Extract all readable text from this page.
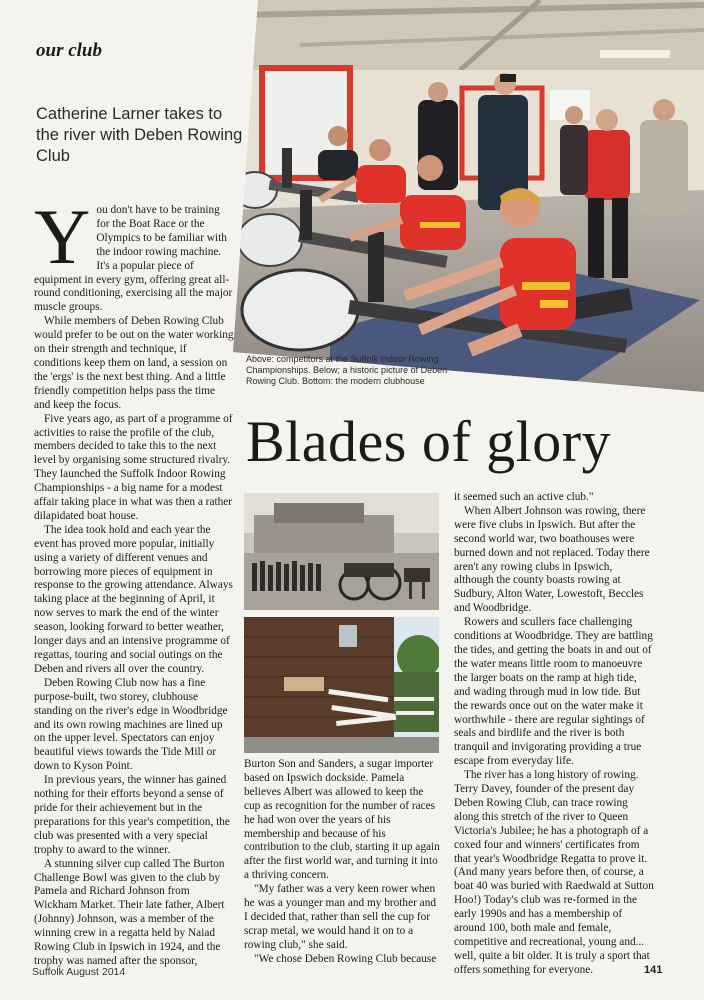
our club
Catherine Larner takes to the river with Deben Rowing Club

You don't have to be training for the Boat Race or the Olympics to be familiar with the indoor rowing machine. It's a popular piece of equipment in every gym, offering great all-round conditioning, exercising all the major muscle groups.

While members of Deben Rowing Club would prefer to be out on the water working on their strength and technique, if conditions keep them on land, a session on the 'ergs' is the next best thing. And a little friendly competition helps pass the time and keep the focus.

Five years ago, as part of a programme of activities to raise the profile of the club, members decided to take this to the next level by organising some structured rivalry. They launched the Suffolk Indoor Rowing Championships - a big name for a modest affair taking place in what was then a rather dilapidated boat house.

The idea took hold and each year the event has proved more popular, initially using a variety of different venues and borrowing more pieces of equipment in response to the growing attendance. Always taking place at the beginning of April, it now serves to mark the end of the winter season, looking forward to better weather, longer days and an intensive programme of regattas, touring and social outings on the Deben and rivers all over the country.

Deben Rowing Club now has a fine purpose-built, two storey, clubhouse standing on the river's edge in Woodbridge and its own rowing machines are lined up on the upper level. Spectators can enjoy beautiful views towards the Tide Mill or down to Kyson Point.

In previous years, the winner has gained nothing for their efforts beyond a sense of pride for their achievement but in the preparations for this year's competition, the club was presented with a very special trophy to award to the winner.

A stunning silver cup called The Burton Challenge Bowl was given to the club by Pamela and Richard Johnson from Wickham Market. Their late father, Albert (Johnny) Johnson, was a member of the winning crew in a regatta held by Naiad Rowing Club in Ipswich in 1924, and the trophy was named after the sponsor,

Above: competitors at the Suffolk Indoor Rowing Championships. Below; a historic picture of Deben Rowing Club. Bottom: the modern clubhouse
Blades of glory

Burton Son and Sanders, a sugar importer based on Ipswich dockside. Pamela believes Albert was allowed to keep the cup as recognition for the number of races he had won over the years of his membership and because of his contribution to the club, starting it up again after the first world war, and turning it into a thriving concern.

"My father was a very keen rower when he was a younger man and my brother and I decided that, rather than sell the cup for scrap metal, we would hand it on to a rowing club," she said.

"We chose Deben Rowing Club because

it seemed such an active club."

When Albert Johnson was rowing, there were five clubs in Ipswich. But after the second world war, two boathouses were burned down and not replaced. Today there aren't any rowing clubs in Ipswich, although the county boasts rowing at Sudbury, Alton Water, Lowestoft, Beccles and Woodbridge.

Rowers and scullers face challenging conditions at Woodbridge. They are battling the tides, and getting the boats in and out of the water means little room to manoeuvre the larger boats on the ramp at high tide, and wading through mud in low tide. But the rewards once out on the water make it worthwhile - there are regular sightings of seals and birdlife and the river is both tranquil and invigorating providing a true escape from everyday life.

The river has a long history of rowing. Terry Davey, founder of the present day Deben Rowing Club, can trace rowing along this stretch of the river to Queen Victoria's Jubilee; he has a photograph of a coxed four and winners' certificates from that year's Woodbridge Regatta to prove it. (And many years before then, of course, a boat 40 was buried with Raedwald at Sutton Hoo!) Today's club was re-formed in the early 1990s and has a membership of around 100, both male and female, competitive and recreational, young and... well, quite a bit older. It is truly a sport that offers something for everyone.

Suffolk August 2014	141
